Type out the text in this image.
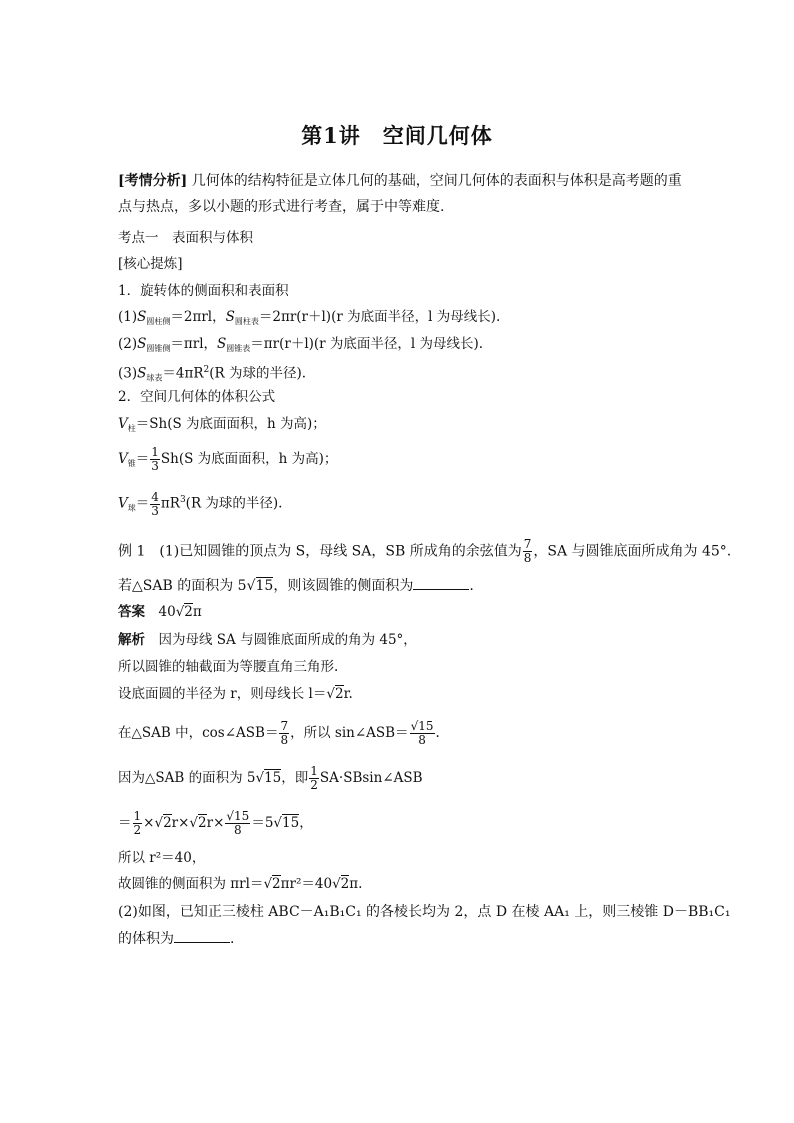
第1讲　空间几何体
[考情分析] 几何体的结构特征是立体几何的基础，空间几何体的表面积与体积是高考题的重点与热点，多以小题的形式进行考查，属于中等难度.
考点一　表面积与体积
[核心提炼]
1．旋转体的侧面积和表面积
$(1)S_{圆柱侧}=2\pi rl$，$S_{圆柱表}=2\pi r(r+l)(r$ 为底面半径，l 为母线长).
$(2)S_{圆锥侧}=\pi rl$，$S_{圆锥表}=\pi r(r+l)(r$ 为底面半径，l 为母线长).
$(3)S_{球表}=4\pi R^2(R$ 为球的半径).
2．空间几何体的体积公式
$V_柱=Sh(S$ 为底面面积，h 为高)；
$V_锥= \frac{1}{3} Sh(S$ 为底面面积，h 为高)；
$V_球= \frac{4}{3} \pi R^3(R$ 为球的半径).
例 1　 (1)已知圆锥的顶点为 S，母线 SA，SB 所成角的余弦值为 $\frac{7}{8}$ ，SA 与圆锥底面所成角为 45°.
若△SAB 的面积为 5√15，则该圆锥的侧面积为	.
答案　 40√2π
解析　 因为母线 SA 与圆锥底面所成的角为 45°，
所以圆锥的轴截面为等腰直角三角形.
设底面圆的半径为 r，则母线长 l＝√2r.
在△SAB 中，cos∠ASB＝ $\frac{7}{8}$ ，所以 sin∠ASB＝ $\frac{√15}{8}$ .
因为△SAB 的面积为 5√15，即 $\frac{1}{2}$ SA·SBsin∠ASB
＝ $\frac{1}{2} \times√2r\times√2r\times \frac{√15}{8} =5√15$，
所以 r²＝40，
故圆锥的侧面积为 πrl＝√2πr²＝40√2π.
(2)如图，已知正三棱柱 ABC－A₁B₁C₁ 的各棱长均为 2，点 D 在棱 AA₁ 上，则三棱锥 D－BB₁C₁
的体积为	.
